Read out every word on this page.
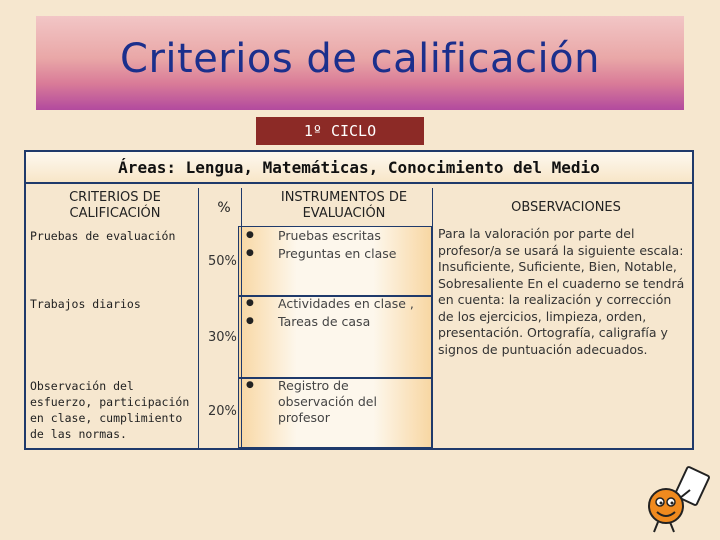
Criterios de calificación
1º CICLO
Áreas: Lengua, Matemáticas, Conocimiento del Medio
CRITERIOS DE CALIFICACIÓN	%
INSTRUMENTOS DE EVALUACIÓN	OBSERVACIONES
Pruebas de evaluación
50%
● Pruebas escritas
● Preguntas en clase
Trabajos diarios
30%
● Actividades en clase ,
● Tareas de casa
Observación del esfuerzo, participación en clase, cumplimiento de las normas.
20%
● Registro de observación del profesor
Para la valoración por parte del profesor/a se usará la siguiente escala: Insuficiente, Suficiente, Bien, Notable, Sobresaliente En el cuaderno se tendrá en cuenta: la realización y corrección de los ejercicios, limpieza, orden, presentación. Ortografía, caligrafía y signos de puntuación adecuados.
